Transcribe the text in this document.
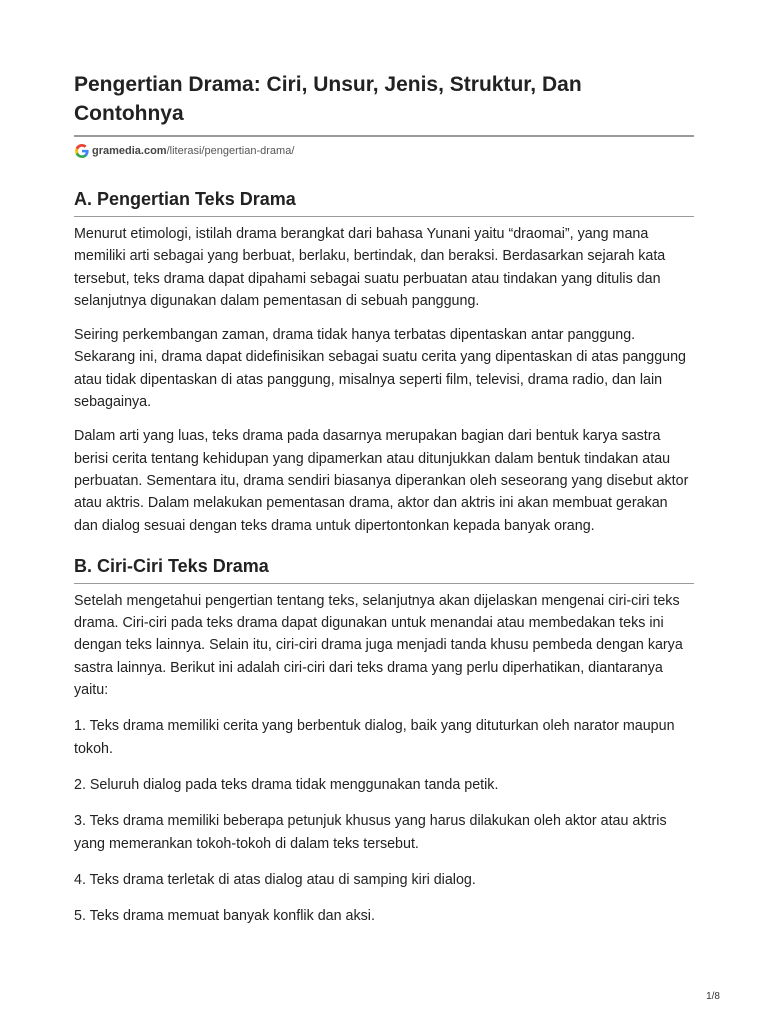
Pengertian Drama: Ciri, Unsur, Jenis, Struktur, Dan Contohnya
gramedia.com /literasi/pengertian-drama/
A. Pengertian Teks Drama

Menurut etimologi, istilah drama berangkat dari bahasa Yunani yaitu “draomai”, yang mana memiliki arti sebagai yang berbuat, berlaku, bertindak, dan beraksi. Berdasarkan sejarah kata tersebut, teks drama dapat dipahami sebagai suatu perbuatan atau tindakan yang ditulis dan selanjutnya digunakan dalam pementasan di sebuah panggung.

Seiring perkembangan zaman, drama tidak hanya terbatas dipentaskan antar panggung. Sekarang ini, drama dapat didefinisikan sebagai suatu cerita yang dipentaskan di atas panggung atau tidak dipentaskan di atas panggung, misalnya seperti film, televisi, drama radio, dan lain sebagainya.

Dalam arti yang luas, teks drama pada dasarnya merupakan bagian dari bentuk karya sastra berisi cerita tentang kehidupan yang dipamerkan atau ditunjukkan dalam bentuk tindakan atau perbuatan. Sementara itu, drama sendiri biasanya diperankan oleh seseorang yang disebut aktor atau aktris. Dalam melakukan pementasan drama, aktor dan aktris ini akan membuat gerakan dan dialog sesuai dengan teks drama untuk dipertontonkan kepada banyak orang.

B. Ciri-Ciri Teks Drama

Setelah mengetahui pengertian tentang teks, selanjutnya akan dijelaskan mengenai ciri-ciri teks drama. Ciri-ciri pada teks drama dapat digunakan untuk menandai atau membedakan teks ini dengan teks lainnya. Selain itu, ciri-ciri drama juga menjadi tanda khusu pembeda dengan karya sastra lainnya. Berikut ini adalah ciri-ciri dari teks drama yang perlu diperhatikan, diantaranya yaitu:

1. Teks drama memiliki cerita yang berbentuk dialog, baik yang dituturkan oleh narator maupun tokoh.

2. Seluruh dialog pada teks drama tidak menggunakan tanda petik.

3. Teks drama memiliki beberapa petunjuk khusus yang harus dilakukan oleh aktor atau aktris yang memerankan tokoh-tokoh di dalam teks tersebut.

4. Teks drama terletak di atas dialog atau di samping kiri dialog.

5. Teks drama memuat banyak konflik dan aksi.

1/8
